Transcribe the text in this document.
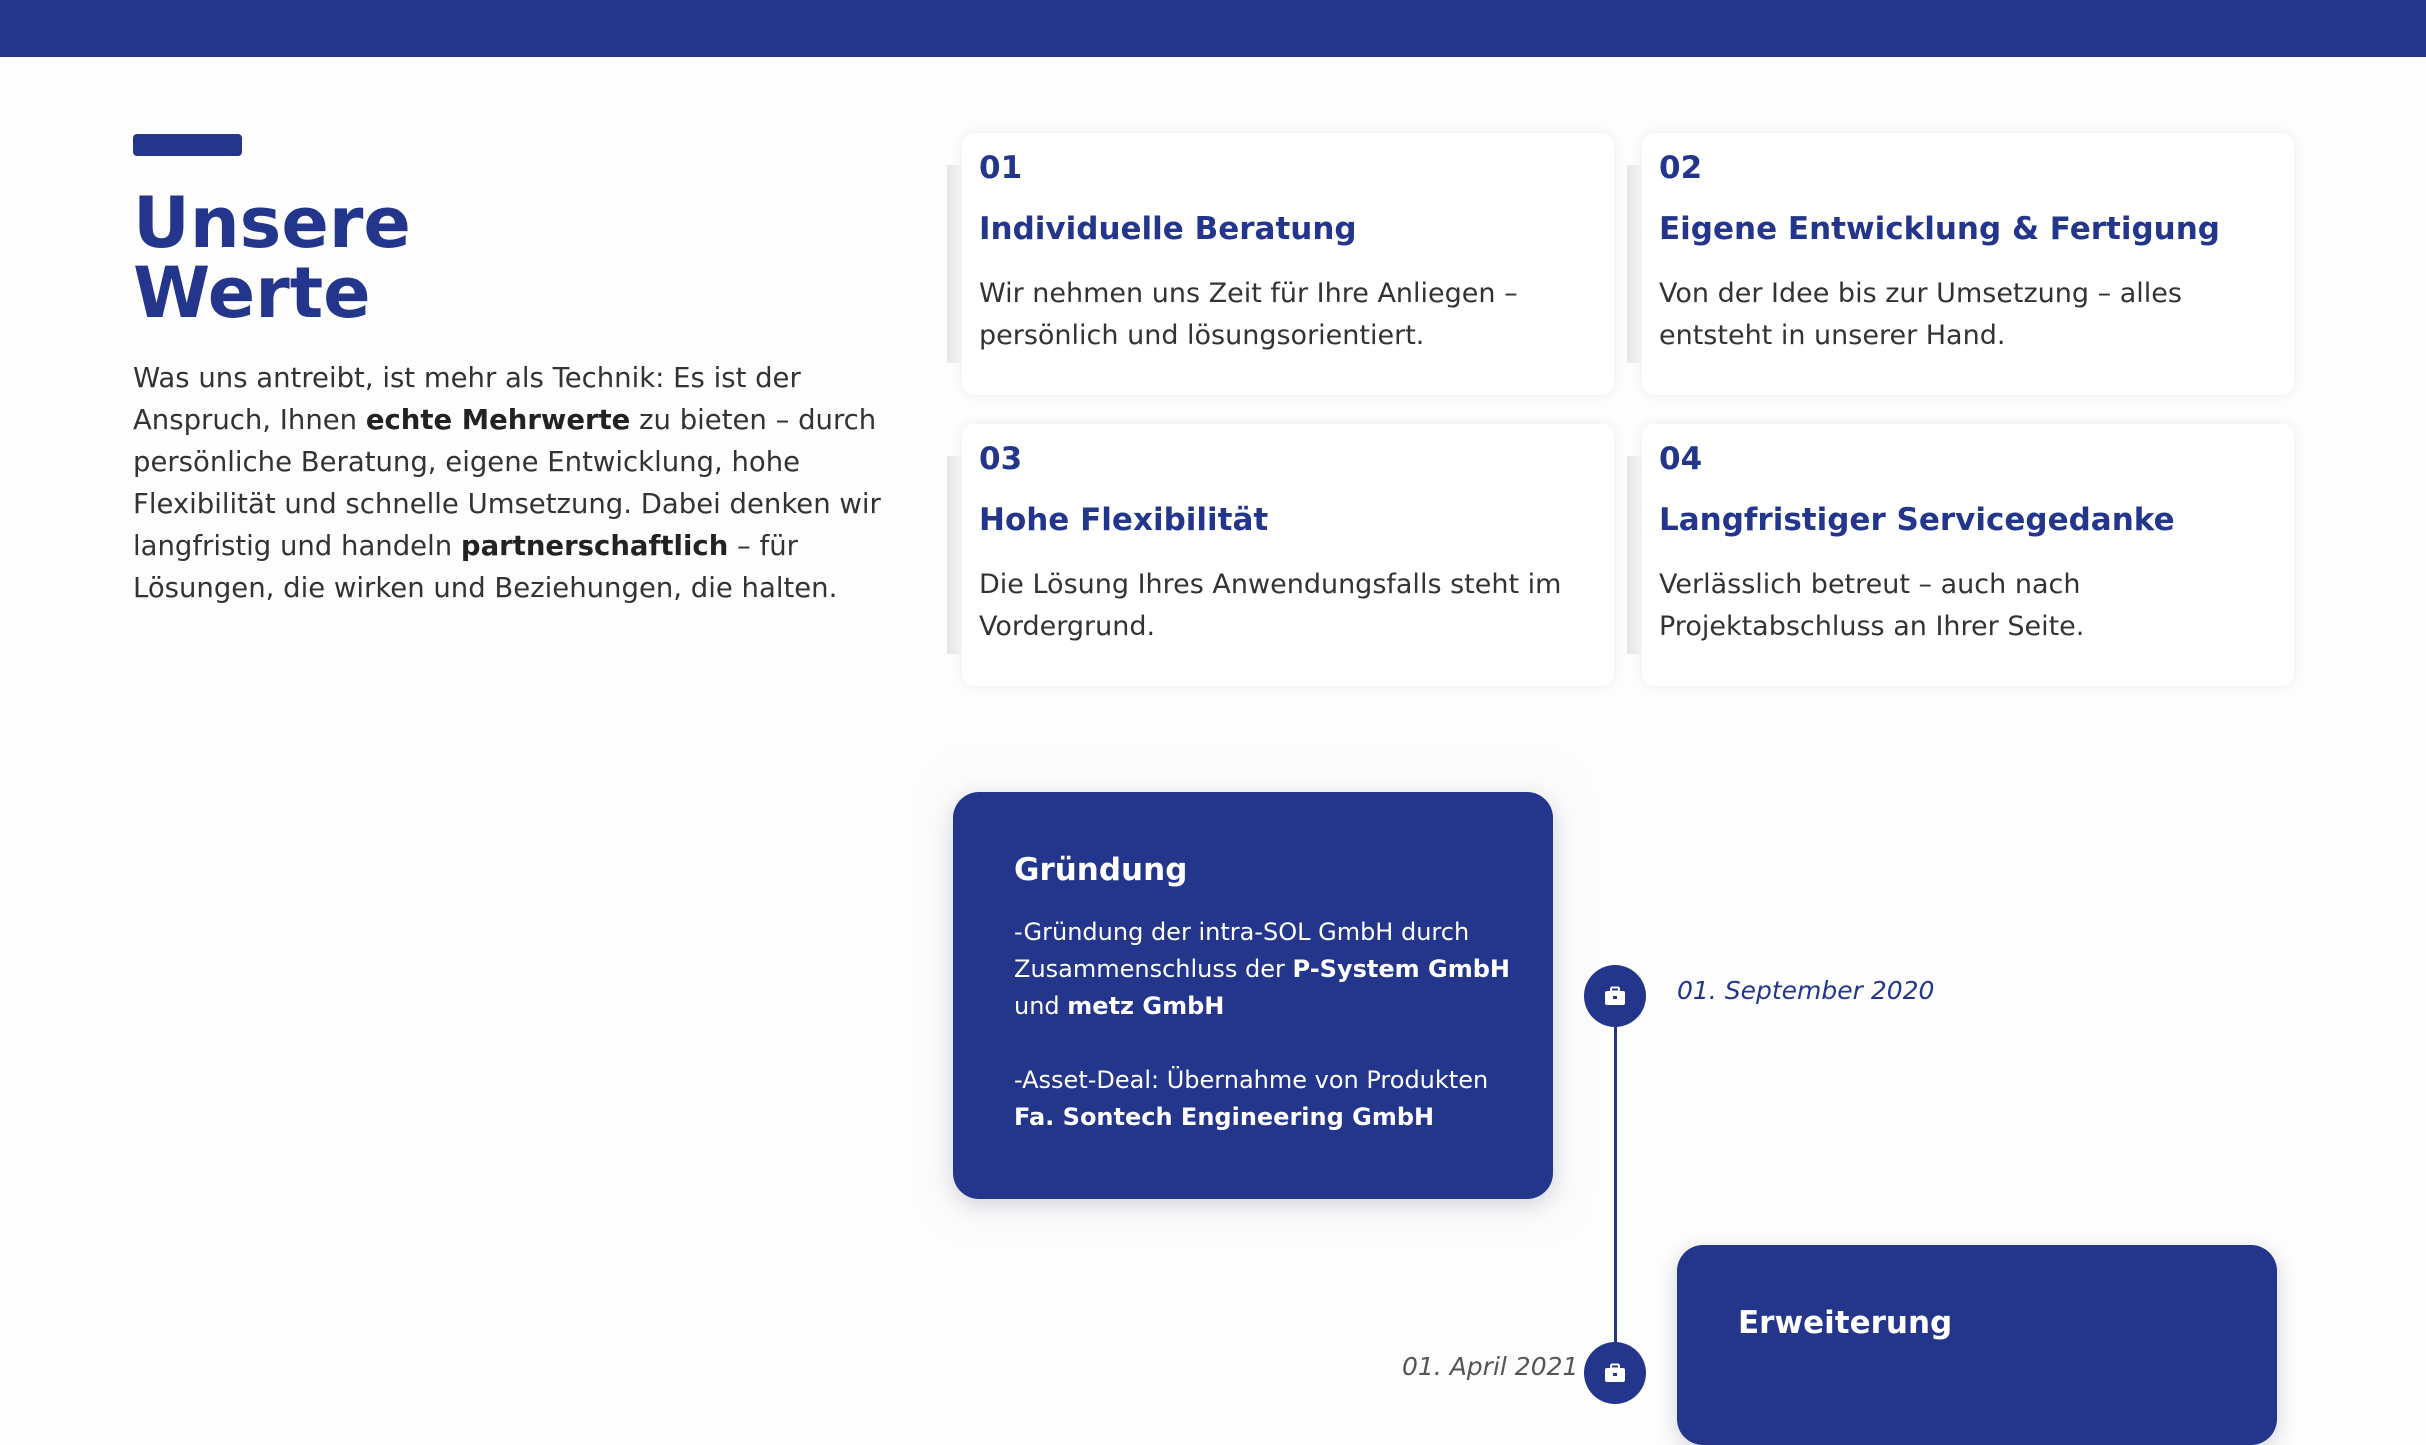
Unsere
Werte

Was uns antreibt, ist mehr als Technik: Es ist der Anspruch, Ihnen echte Mehrwerte zu bieten – durch persönliche Beratung, eigene Entwicklung, hohe Flexibilität und schnelle Umsetzung. Dabei denken wir langfristig und handeln partnerschaftlich – für Lösungen, die wirken und Beziehungen, die halten.

01
Individuelle Beratung
Wir nehmen uns Zeit für Ihre Anliegen – persönlich und lösungsorientiert.
02
Eigene Entwicklung & Fertigung
Von der Idee bis zur Umsetzung – alles entsteht in unserer Hand.
03
Hohe Flexibilität
Die Lösung Ihres Anwendungsfalls steht im Vordergrund.
04
Langfristiger Servicegedanke
Verlässlich betreut – auch nach Projektabschluss an Ihrer Seite.
Gründung

-Gründung der intra-SOL GmbH durch Zusammenschluss der P-System GmbH und metz GmbH

-Asset-Deal: Übernahme von Produkten Fa. Sontech Engineering GmbH

01. September 2020
Erweiterung
01. April 2021
